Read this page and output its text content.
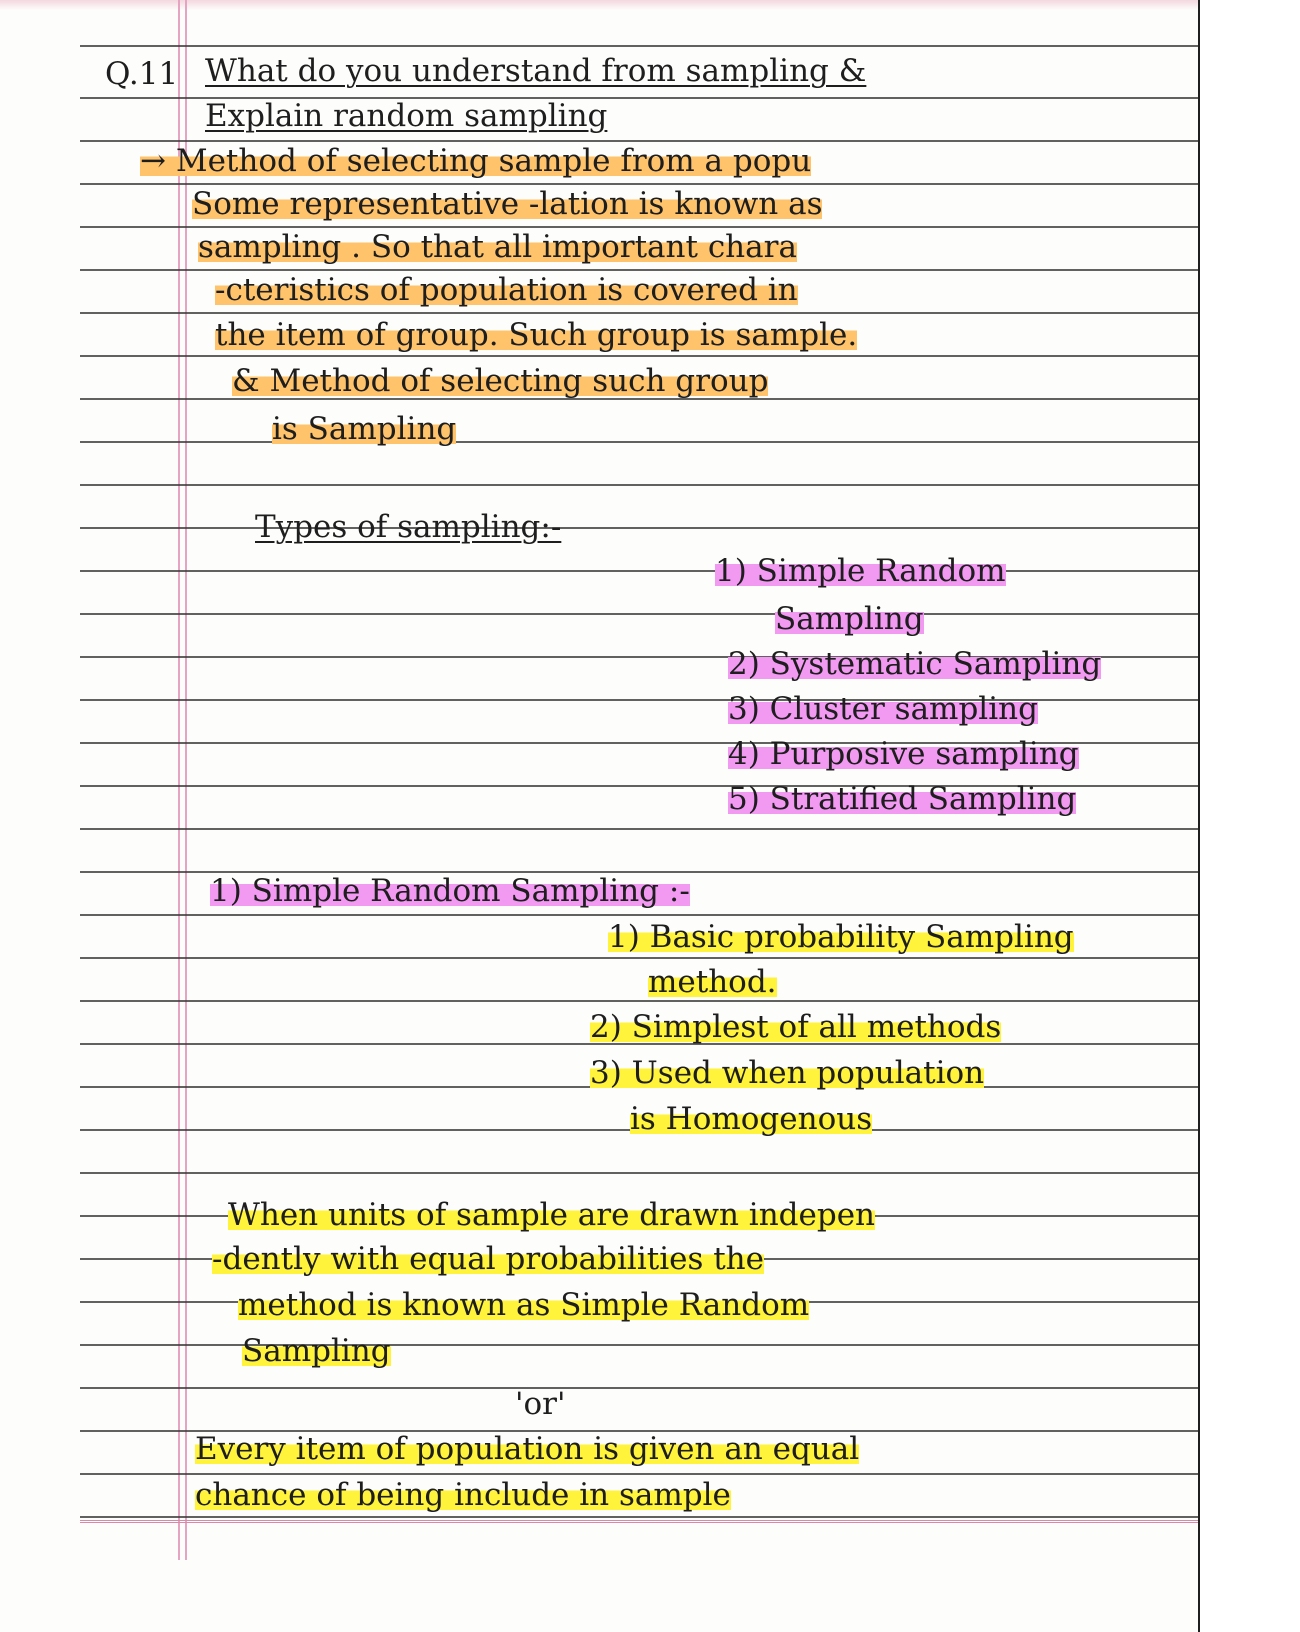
Q.11 What do you understand from sampling &
Explain random sampling
→ Method of selecting sample from a popu
Some representative -lation is known as
sampling . So that all important chara
-cteristics of population is covered in
the item of group. Such group is sample.
& Method of selecting such group
is Sampling
Types of sampling:-
1) Simple Random
Sampling
2) Systematic Sampling
3) Cluster sampling
4) Purposive sampling
5) Stratified Sampling
1) Simple Random Sampling :-
1) Basic probability Sampling
method.
2) Simplest of all methods
3) Used when population
is Homogenous
When units of sample are drawn indepen
-dently with equal probabilities the
method is known as Simple Random
Sampling
'or'
Every item of population is given an equal
chance of being include in sample
